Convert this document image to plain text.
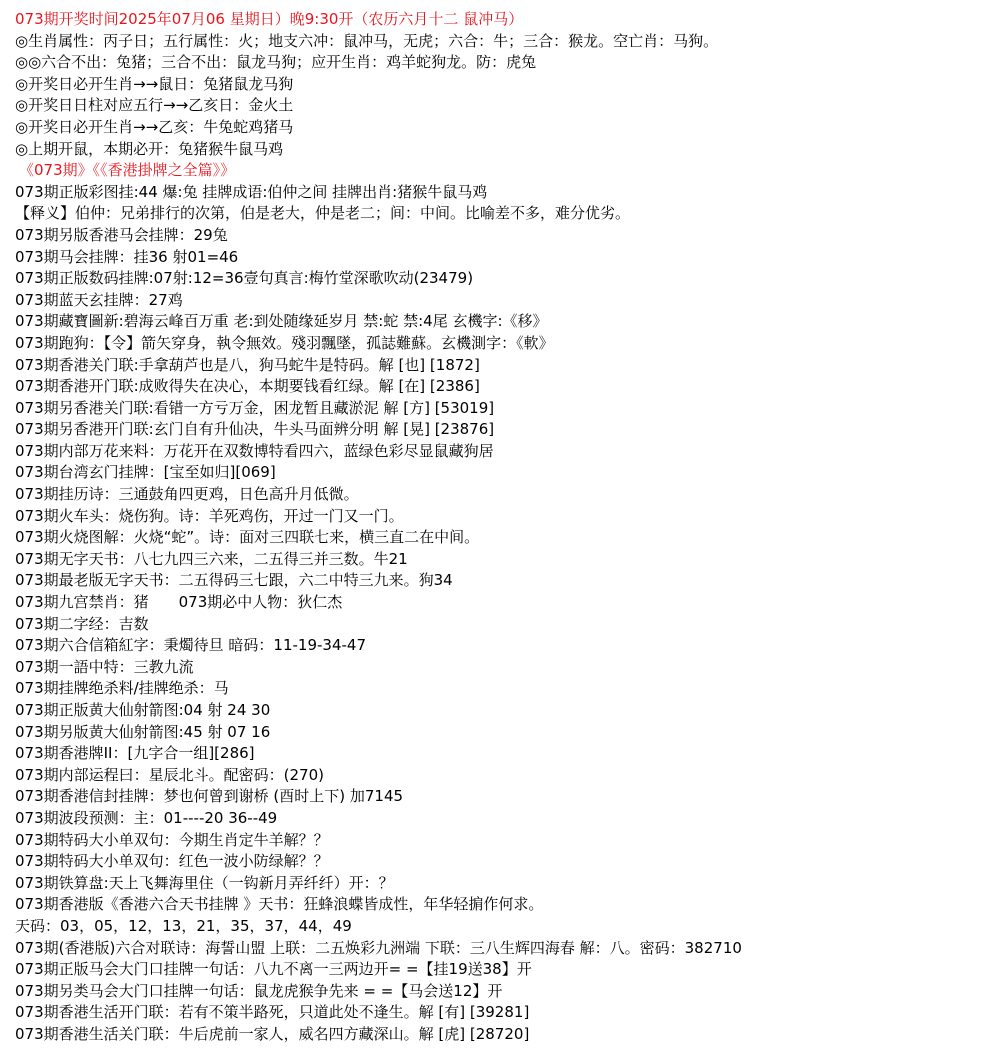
073期开奖时间2025年07月06 星期日）晚9:30开（农历六月十二 鼠冲马）
◎生肖属性：丙子日；五行属性：火；地支六冲：鼠冲马，无虎；六合：牛；三合：猴龙。空亡肖：马狗。
◎◎六合不出：兔猪；三合不出：鼠龙马狗；应开生肖：鸡羊蛇狗龙。防：虎兔
◎开奖日必开生肖→→鼠日：兔猪鼠龙马狗
◎开奖日日柱对应五行→→乙亥日：金火土
◎开奖日必开生肖→→乙亥：牛兔蛇鸡猪马
◎上期开鼠，本期必开：兔猪猴牛鼠马鸡
《073期》《《香港掛牌之全篇》》
073期正版彩图挂:44 爆:兔 挂牌成语:伯仲之间 挂牌出肖:猪猴牛鼠马鸡
【释义】伯仲：兄弟排行的次第，伯是老大，仲是老二；间：中间。比喻差不多，难分优劣。
073期另版香港马会挂牌：29兔
073期马会挂牌：挂36 射01=46
073期正版数码挂牌:07射:12=36壹句真言:梅竹堂深歌吹动(23479)
073期蓝天玄挂牌：27鸡
073期藏寶圖新:碧海云峰百万重 老:到处随缘延岁月 禁:蛇 禁:4尾 玄機字:《移》
073期跑狗：【令】箭矢穿身，執令無效。殘羽飄墜，孤誌難蘇。玄機測字：《軟》
073期香港关门联:手拿葫芦也是八，狗马蛇牛是特码。解 [也] [1872]
073期香港开门联:成败得失在决心，本期要钱看红绿。解 [在] [2386]
073期另香港关门联:看错一方亏万金，困龙暂且藏淤泥 解 [方] [53019]
073期另香港开门联:玄门自有升仙决，牛头马面辨分明 解 [晃] [23876]
073期内部万花来料：万花开在双数博特看四六，蓝绿色彩尽显鼠藏狗居
073期台湾玄门挂牌：[宝至如归][069]
073期挂历诗：三通鼓角四更鸡，日色高升月低微。
073期火车头：烧伤狗。诗：羊死鸡伤，开过一门又一门。
073期火烧图解：火烧“蛇”。诗：面对三四联七来，横三直二在中间。
073期无字天书：八七九四三六来，二五得三并三数。牛21
073期最老版无字天书：二五得码三七跟，六二中特三九来。狗34
073期九宫禁肖：猪　　073期必中人物：狄仁杰
073期二字经：吉数
073期六合信箱紅字：秉燭待旦 暗码：11-19-34-47
073期一語中特：三教九流
073期挂牌绝杀料/挂牌绝杀：马
073期正版黄大仙射箭图:04 射 24 30
073期另版黄大仙射箭图:45 射 07 16
073期香港牌II：[九字合一组][286]
073期内部运程曰：星辰北斗。配密码：(270)
073期香港信封挂牌：梦也何曾到谢桥 (酉时上下) 加7145
073期波段预测：主：01----20 36--49
073期特码大小单双句：今期生肖定牛羊解？？
073期特码大小单双句：红色一波小防绿解？？
073期铁算盘:天上飞舞海里住（一钩新月弄纤纤）开：？
073期香港版《香港六合天书挂牌 》天书：狂蜂浪蝶皆成性，年华轻掮作何求。
天码：03，05，12，13，21，35，37，44，49
073期(香港版)六合对联诗：海誓山盟 上联：二五焕彩九洲端 下联：三八生辉四海春 解：八。密码：382710
073期正版马会大门口挂牌一句话：八九不离一三两边开= =【挂19送38】开
073期另类马会大门口挂牌一句话：鼠龙虎猴争先来 = =【马会送12】开
073期香港生活开门联：若有不策半路死，只道此处不逢生。解 [有] [39281]
073期香港生活关门联：牛后虎前一家人，威名四方藏深山。解 [虎] [28720]
